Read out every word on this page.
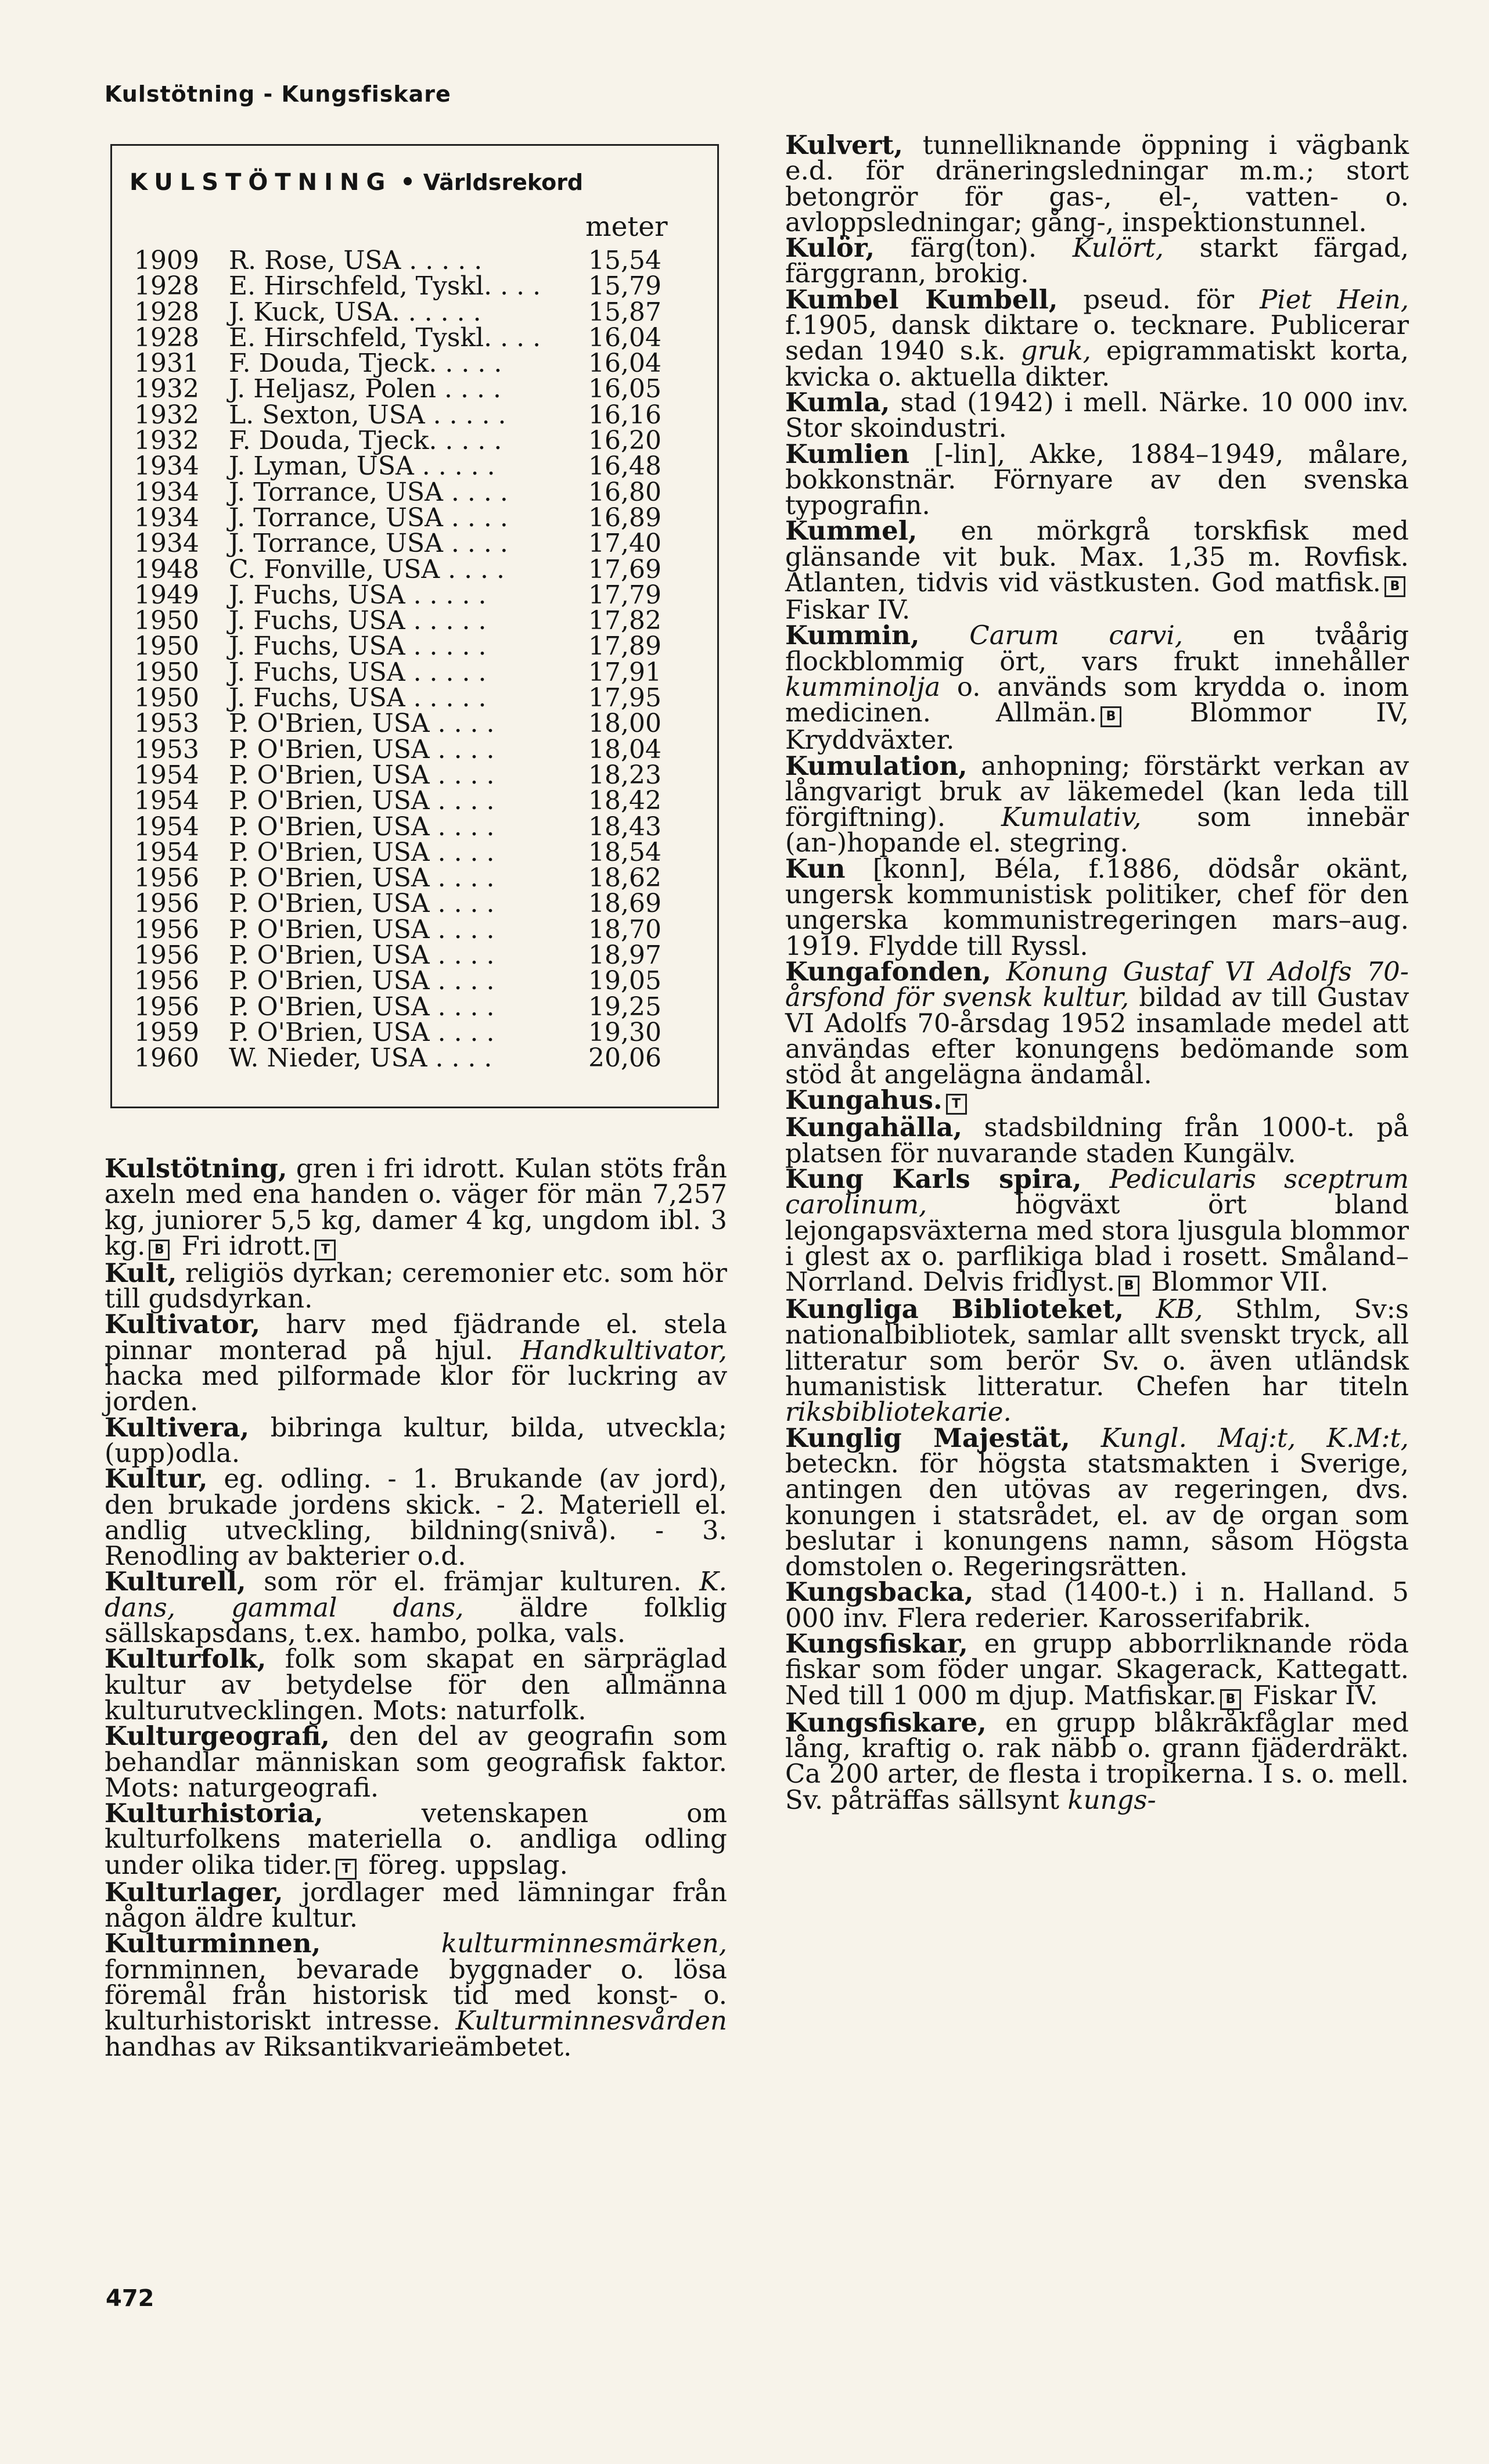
Kulstötning - Kungsfiskare
KULSTÖTNING • Världsrekord
meter
1909 R. Rose, USA . . . . .	15,54
1928 E. Hirschfeld, Tyskl. . . .	15,79
1928 J. Kuck, USA. . . . . .	15,87
1928 E. Hirschfeld, Tyskl. . . .	16,04
1931 F. Douda, Tjeck. . . . .	16,04
1932 J. Heljasz, Polen . . . .	16,05
1932 L. Sexton, USA . . . . .	16,16
1932 F. Douda, Tjeck. . . . .	16,20
1934 J. Lyman, USA . . . . .	16,48
1934 J. Torrance, USA . . . .	16,80
1934 J. Torrance, USA . . . .	16,89
1934 J. Torrance, USA . . . .	17,40
1948 C. Fonville, USA . . . .	17,69
1949 J. Fuchs, USA . . . . .	17,79
1950 J. Fuchs, USA . . . . .	17,82
1950 J. Fuchs, USA . . . . .	17,89
1950 J. Fuchs, USA . . . . .	17,91
1950 J. Fuchs, USA . . . . .	17,95
1953 P. O'Brien, USA . . . .	18,00
1953 P. O'Brien, USA . . . .	18,04
1954 P. O'Brien, USA . . . .	18,23
1954 P. O'Brien, USA . . . .	18,42
1954 P. O'Brien, USA . . . .	18,43
1954 P. O'Brien, USA . . . .	18,54
1956 P. O'Brien, USA . . . .	18,62
1956 P. O'Brien, USA . . . .	18,69
1956 P. O'Brien, USA . . . .	18,70
1956 P. O'Brien, USA . . . .	18,97
1956 P. O'Brien, USA . . . .	19,05
1956 P. O'Brien, USA . . . .	19,25
1959 P. O'Brien, USA . . . .	19,30
1960 W. Nieder, USA . . . .	20,06
Kulstötning, gren i fri idrott. Kulan stöts från axeln med ena handen o. väger för män 7,257 kg, juniorer 5,5 kg, damer 4 kg, ungdom ibl. 3 kg. B Fri idrott. T
Kult, religiös dyrkan; ceremonier etc. som hör till gudsdyrkan.
Kultivator, harv med fjädrande el. stela pinnar monterad på hjul. Handkultivator, hacka med pilformade klor för luckring av jorden.
Kultivera, bibringa kultur, bilda, utveckla; (upp)odla.
Kultur, eg. odling. - 1. Brukande (av jord), den brukade jordens skick. - 2. Materiell el. andlig utveckling, bildning(snivå). - 3. Renodling av bakterier o.d.
Kulturell, som rör el. främjar kulturen. K. dans, gammal dans, äldre folklig sällskapsdans, t.ex. hambo, polka, vals.
Kulturfolk, folk som skapat en särpräglad kultur av betydelse för den allmänna kulturutvecklingen. Mots: naturfolk.
Kulturgeografi, den del av geografin som behandlar människan som geografisk faktor. Mots: naturgeografi.
Kulturhistoria, vetenskapen om kulturfolkens materiella o. andliga odling under olika tider. T föreg. uppslag.
Kulturlager, jordlager med lämningar från någon äldre kultur.
Kulturminnen,	kulturminnesmärken, fornminnen, bevarade byggnader o. lösa föremål från historisk tid med konst- o. kulturhistoriskt intresse. Kulturminnesvården handhas av Riksantikvarieämbetet.
Kulvert, tunnelliknande öppning i vägbank e.d. för dräneringsledningar m.m.; stort betongrör för gas-, el-, vatten- o. avloppsledningar; gång-, inspektionstunnel.
Kulör, färg(ton). Kulört, starkt färgad, färggrann, brokig.
Kumbel Kumbell, pseud. för Piet Hein, f.1905, dansk diktare o. tecknare. Publicerar sedan 1940 s.k. gruk, epigrammatiskt korta, kvicka o. aktuella dikter.
Kumla, stad (1942) i mell. Närke. 10 000 inv. Stor skoindustri.
Kumlien [-lin], Akke, 1884–1949, målare, bokkonstnär. Förnyare av den svenska typografin.
Kummel, en mörkgrå torskfisk med glänsande vit buk. Max. 1,35 m. Rovfisk. Atlanten, tidvis vid västkusten. God matfisk. B Fiskar IV.
Kummin, Carum carvi, en tvåårig flockblommig ört, vars frukt innehåller kumminolja o. används som krydda o. inom medicinen. Allmän. B Blommor IV, Kryddväxter.
Kumulation, anhopning; förstärkt verkan av långvarigt bruk av läkemedel (kan leda till förgiftning). Kumulativ, som innebär (an-)hopande el. stegring.
Kun [konn], Béla, f.1886, dödsår okänt, ungersk kommunistisk politiker, chef för den ungerska kommunistregeringen mars–aug. 1919. Flydde till Ryssl.
Kungafonden, Konung Gustaf VI Adolfs 70-årsfond för svensk kultur, bildad av till Gustav VI Adolfs 70-årsdag 1952 insamlade medel att användas efter konungens bedömande som stöd åt angelägna ändamål.
Kungahus. T
Kungahälla, stadsbildning från 1000-t. på platsen för nuvarande staden Kungälv.
Kung Karls spira, Pedicularis sceptrum carolinum, högväxt ört bland lejongapsväxterna med stora ljusgula blommor i glest ax o. parflikiga blad i rosett. Småland–Norrland. Delvis fridlyst. B Blommor VII.
Kungliga Biblioteket, KB, Sthlm, Sv:s nationalbibliotek, samlar allt svenskt tryck, all litteratur som berör Sv. o. även utländsk humanistisk litteratur. Chefen har titeln riksbibliotekarie.
Kunglig Majestät, Kungl. Maj:t, K.M:t, beteckn. för högsta statsmakten i Sverige, antingen den utövas av regeringen, dvs. konungen i statsrådet, el. av de organ som beslutar i konungens namn, såsom Högsta domstolen o. Regeringsrätten.
Kungsbacka, stad (1400-t.) i n. Halland. 5 000 inv. Flera rederier. Karosserifabrik.
Kungsfiskar, en grupp abborrliknande röda fiskar som föder ungar. Skagerack, Kattegatt. Ned till 1 000 m djup. Matfiskar. B Fiskar IV.
Kungsfiskare, en grupp blåkråkfåglar med lång, kraftig o. rak näbb o. grann fjäderdräkt. Ca 200 arter, de flesta i tropikerna. I s. o. mell. Sv. påträffas sällsynt kungs-
472
